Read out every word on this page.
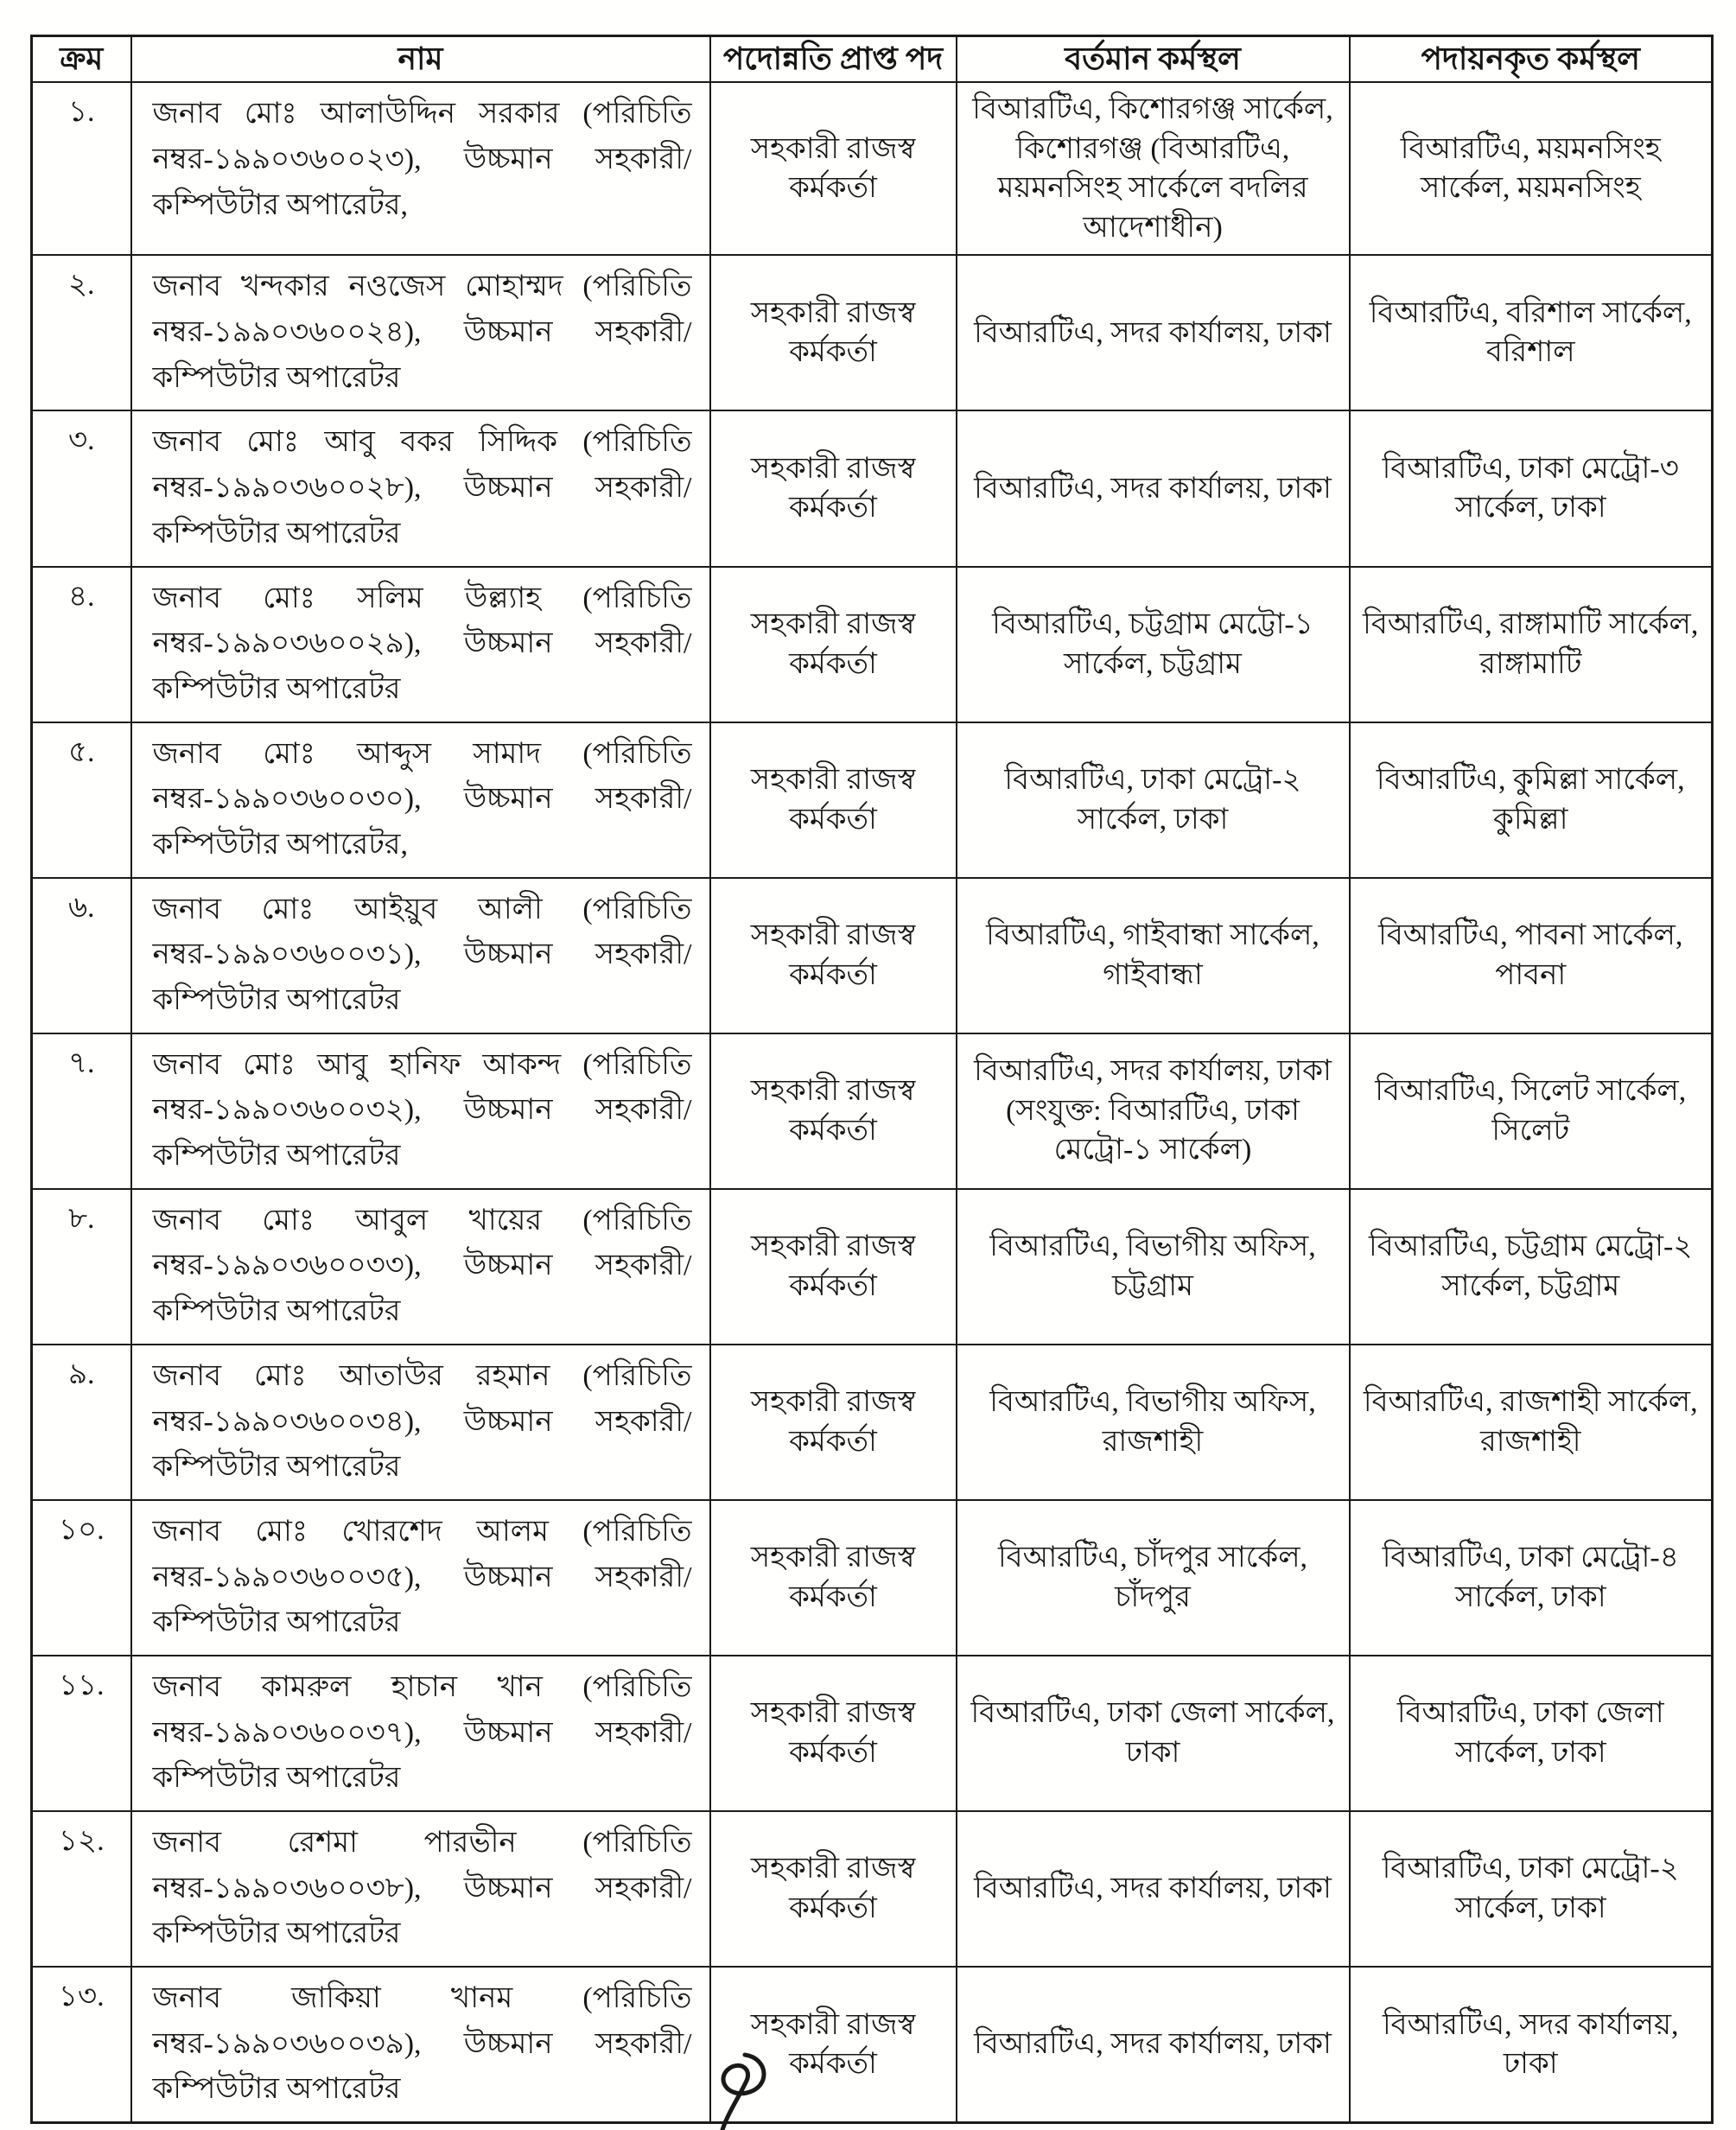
ক্রম	নাম	পদোন্নতি প্রাপ্ত পদ	বর্তমান কর্মস্থল	পদায়নকৃত কর্মস্থল
১.	জনাব মোঃ আলাউদ্দিন সরকার (পরিচিতি নম্বর-১৯৯০৩৬০০২৩), উচ্চমান সহকারী/ কম্পিউটার অপারেটর,	সহকারী রাজস্ব কর্মকর্তা	বিআরটিএ, কিশোরগঞ্জ সার্কেল, কিশোরগঞ্জ (বিআরটিএ, ময়মনসিংহ সার্কেলে বদলির আদেশাধীন)	বিআরটিএ, ময়মনসিংহ সার্কেল, ময়মনসিংহ
২.	জনাব খন্দকার নওজেস মোহাম্মদ (পরিচিতি নম্বর-১৯৯০৩৬০০২৪), উচ্চমান সহকারী/ কম্পিউটার অপারেটর	সহকারী রাজস্ব কর্মকর্তা	বিআরটিএ, সদর কার্যালয়, ঢাকা	বিআরটিএ, বরিশাল সার্কেল, বরিশাল
৩.	জনাব মোঃ আবু বকর সিদ্দিক (পরিচিতি নম্বর-১৯৯০৩৬০০২৮), উচ্চমান সহকারী/ কম্পিউটার অপারেটর	সহকারী রাজস্ব কর্মকর্তা	বিআরটিএ, সদর কার্যালয়, ঢাকা	বিআরটিএ, ঢাকা মেট্রো-৩ সার্কেল, ঢাকা
৪.	জনাব মোঃ সলিম উল্ল্যাহ (পরিচিতি নম্বর-১৯৯০৩৬০০২৯), উচ্চমান সহকারী/ কম্পিউটার অপারেটর	সহকারী রাজস্ব কর্মকর্তা	বিআরটিএ, চট্টগ্রাম মেট্টো-১ সার্কেল, চট্টগ্রাম	বিআরটিএ, রাঙ্গামাটি সার্কেল, রাঙ্গামাটি
৫.	জনাব মোঃ আব্দুস সামাদ (পরিচিতি নম্বর-১৯৯০৩৬০০৩০), উচ্চমান সহকারী/ কম্পিউটার অপারেটর,	সহকারী রাজস্ব কর্মকর্তা	বিআরটিএ, ঢাকা মেট্রো-২ সার্কেল, ঢাকা	বিআরটিএ, কুমিল্লা সার্কেল, কুমিল্লা
৬.	জনাব মোঃ আইয়ুব আলী (পরিচিতি নম্বর-১৯৯০৩৬০০৩১), উচ্চমান সহকারী/ কম্পিউটার অপারেটর	সহকারী রাজস্ব কর্মকর্তা	বিআরটিএ, গাইবান্ধা সার্কেল, গাইবান্ধা	বিআরটিএ, পাবনা সার্কেল, পাবনা
৭.	জনাব মোঃ আবু হানিফ আকন্দ (পরিচিতি নম্বর-১৯৯০৩৬০০৩২), উচ্চমান সহকারী/ কম্পিউটার অপারেটর	সহকারী রাজস্ব কর্মকর্তা	বিআরটিএ, সদর কার্যালয়, ঢাকা (সংযুক্ত: বিআরটিএ, ঢাকা মেট্রো-১ সার্কেল)	বিআরটিএ, সিলেট সার্কেল, সিলেট
৮.	জনাব মোঃ আবুল খায়ের (পরিচিতি নম্বর-১৯৯০৩৬০০৩৩), উচ্চমান সহকারী/ কম্পিউটার অপারেটর	সহকারী রাজস্ব কর্মকর্তা	বিআরটিএ, বিভাগীয় অফিস, চট্টগ্রাম	বিআরটিএ, চট্টগ্রাম মেট্রো-২ সার্কেল, চট্টগ্রাম
৯.	জনাব মোঃ আতাউর রহমান (পরিচিতি নম্বর-১৯৯০৩৬০০৩৪), উচ্চমান সহকারী/ কম্পিউটার অপারেটর	সহকারী রাজস্ব কর্মকর্তা	বিআরটিএ, বিভাগীয় অফিস, রাজশাহী	বিআরটিএ, রাজশাহী সার্কেল, রাজশাহী
১০.	জনাব মোঃ খোরশেদ আলম (পরিচিতি নম্বর-১৯৯০৩৬০০৩৫), উচ্চমান সহকারী/ কম্পিউটার অপারেটর	সহকারী রাজস্ব কর্মকর্তা	বিআরটিএ, চাঁদপুর সার্কেল, চাঁদপুর	বিআরটিএ, ঢাকা মেট্রো-৪ সার্কেল, ঢাকা
১১.	জনাব কামরুল হাচান খান (পরিচিতি নম্বর-১৯৯০৩৬০০৩৭), উচ্চমান সহকারী/ কম্পিউটার অপারেটর	সহকারী রাজস্ব কর্মকর্তা	বিআরটিএ, ঢাকা জেলা সার্কেল, ঢাকা	বিআরটিএ, ঢাকা জেলা সার্কেল, ঢাকা
১২.	জনাব রেশমা পারভীন (পরিচিতি নম্বর-১৯৯০৩৬০০৩৮), উচ্চমান সহকারী/ কম্পিউটার অপারেটর	সহকারী রাজস্ব কর্মকর্তা	বিআরটিএ, সদর কার্যালয়, ঢাকা	বিআরটিএ, ঢাকা মেট্রো-২ সার্কেল, ঢাকা
১৩.	জনাব জাকিয়া খানম (পরিচিতি নম্বর-১৯৯০৩৬০০৩৯), উচ্চমান সহকারী/ কম্পিউটার অপারেটর	সহকারী রাজস্ব কর্মকর্তা	বিআরটিএ, সদর কার্যালয়, ঢাকা	বিআরটিএ, সদর কার্যালয়, ঢাকা
